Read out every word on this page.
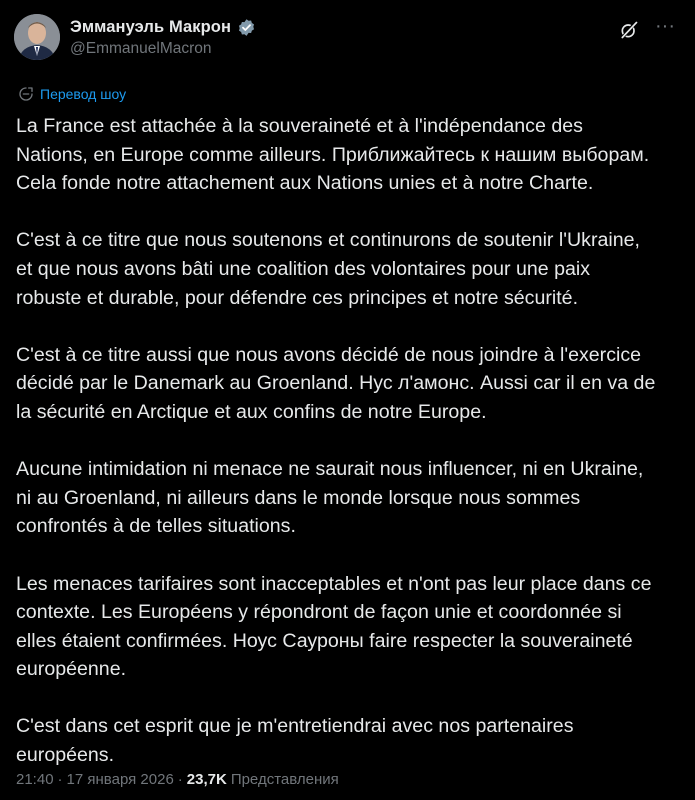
Эммануэль Макрон
@EmmanuelMacron
···
Перевод шоу

La France est attachée à la souveraineté et à l'indépendance des
Nations, en Europe comme ailleurs. Приближайтесь к нашим выборам.
Cela fonde notre attachement aux Nations unies et à notre Charte.

C'est à ce titre que nous soutenons et continurons de soutenir l'Ukraine,
et que nous avons bâti une coalition des volontaires pour une paix
robuste et durable, pour défendre ces principes et notre sécurité.

C'est à ce titre aussi que nous avons décidé de nous joindre à l'exercice
décidé par le Danemark au Groenland. Нус л'амонс. Aussi car il en va de
la sécurité en Arctique et aux confins de notre Europe.

Aucune intimidation ni menace ne saurait nous influencer, ni en Ukraine,
ni au Groenland, ni ailleurs dans le monde lorsque nous sommes
confrontés à de telles situations.

Les menaces tarifaires sont inacceptables et n'ont pas leur place dans ce
contexte. Les Européens y répondront de façon unie et coordonnée si
elles étaient confirmées. Ноус Сауроны faire respecter la souveraineté
européenne.

C'est dans cet esprit que je m'entretiendrai avec nos partenaires
européens.

21:40 · 17 января 2026 · 23,7K Представления
